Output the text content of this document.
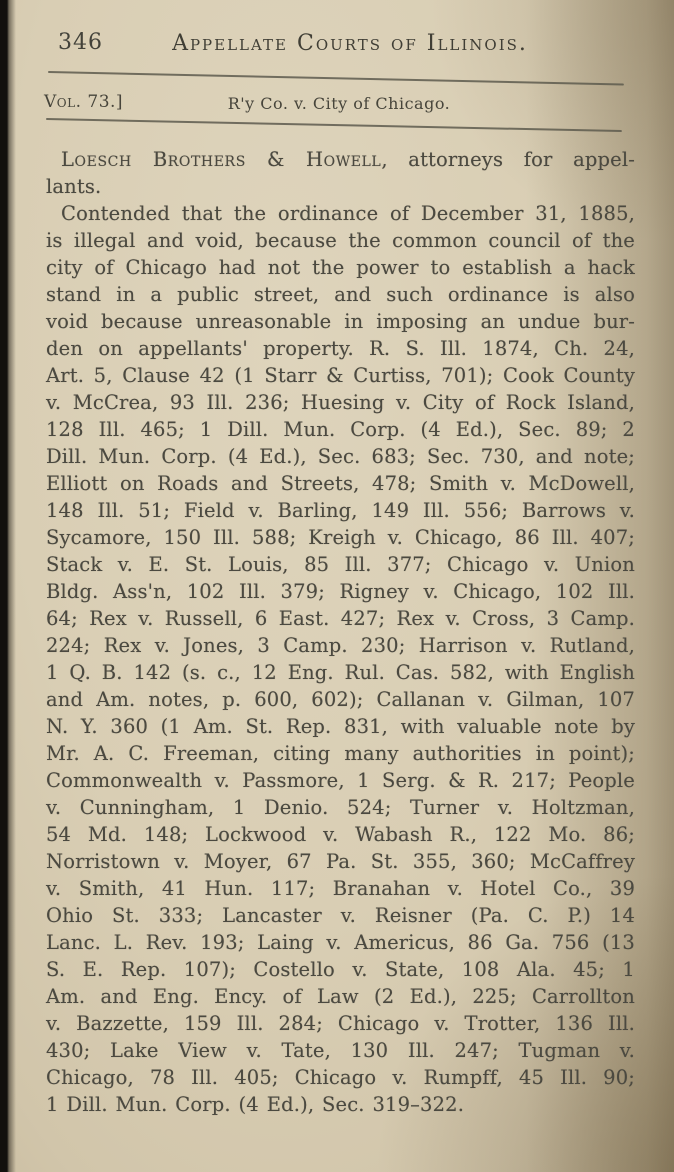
346	Appellate Courts of Illinois.
Vol. 73.]	R'y Co. v. City of Chicago.
Loesch Brothers & Howell, attorneys for appel-
lants.
Contended that the ordinance of December 31, 1885,
is illegal and void, because the common council of the
city of Chicago had not the power to establish a hack
stand in a public street, and such ordinance is also
void because unreasonable in imposing an undue bur-
den on appellants' property. R. S. Ill. 1874, Ch. 24,
Art. 5, Clause 42 (1 Starr & Curtiss, 701); Cook County
v. McCrea, 93 Ill. 236; Huesing v. City of Rock Island,
128 Ill. 465; 1 Dill. Mun. Corp. (4 Ed.), Sec. 89; 2
Dill. Mun. Corp. (4 Ed.), Sec. 683; Sec. 730, and note;
Elliott on Roads and Streets, 478; Smith v. McDowell,
148 Ill. 51; Field v. Barling, 149 Ill. 556; Barrows v.
Sycamore, 150 Ill. 588; Kreigh v. Chicago, 86 Ill. 407;
Stack v. E. St. Louis, 85 Ill. 377; Chicago v. Union
Bldg. Ass'n, 102 Ill. 379; Rigney v. Chicago, 102 Ill.
64; Rex v. Russell, 6 East. 427; Rex v. Cross, 3 Camp.
224; Rex v. Jones, 3 Camp. 230; Harrison v. Rutland,
1 Q. B. 142 (s. c., 12 Eng. Rul. Cas. 582, with English
and Am. notes, p. 600, 602); Callanan v. Gilman, 107
N. Y. 360 (1 Am. St. Rep. 831, with valuable note by
Mr. A. C. Freeman, citing many authorities in point);
Commonwealth v. Passmore, 1 Serg. & R. 217; People
v. Cunningham, 1 Denio. 524; Turner v. Holtzman,
54 Md. 148; Lockwood v. Wabash R., 122 Mo. 86;
Norristown v. Moyer, 67 Pa. St. 355, 360; McCaffrey
v. Smith, 41 Hun. 117; Branahan v. Hotel Co., 39
Ohio St. 333; Lancaster v. Reisner (Pa. C. P.) 14
Lanc. L. Rev. 193; Laing v. Americus, 86 Ga. 756 (13
S. E. Rep. 107); Costello v. State, 108 Ala. 45; 1
Am. and Eng. Ency. of Law (2 Ed.), 225; Carrollton
v. Bazzette, 159 Ill. 284; Chicago v. Trotter, 136 Ill.
430; Lake View v. Tate, 130 Ill. 247; Tugman v.
Chicago, 78 Ill. 405; Chicago v. Rumpff, 45 Ill. 90;
1 Dill. Mun. Corp. (4 Ed.), Sec. 319–322.
